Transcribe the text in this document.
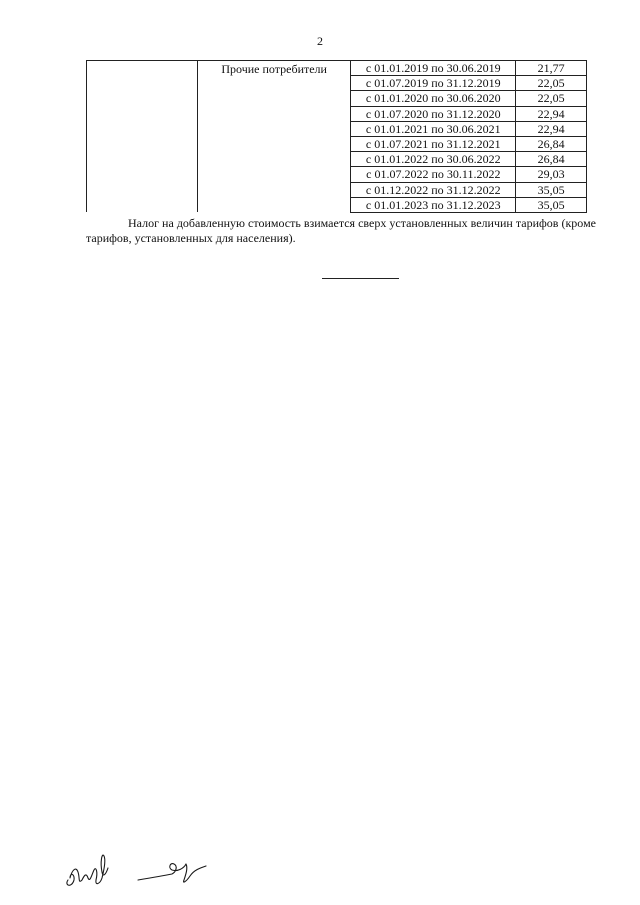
2

	Прочие потребители	с 01.01.2019 по 30.06.2019	21,77
		с 01.07.2019 по 31.12.2019	22,05
		с 01.01.2020 по 30.06.2020	22,05
		с 01.07.2020 по 31.12.2020	22,94
		с 01.01.2021 по 30.06.2021	22,94
		с 01.07.2021 по 31.12.2021	26,84
		с 01.01.2022 по 30.06.2022	26,84
		с 01.07.2022 по 30.11.2022	29,03
		с 01.12.2022 по 31.12.2022	35,05
		с 01.01.2023 по 31.12.2023	35,05
Налог на добавленную стоимость взимается сверх установленных величин тарифов (кроме тарифов, установленных для населения).
